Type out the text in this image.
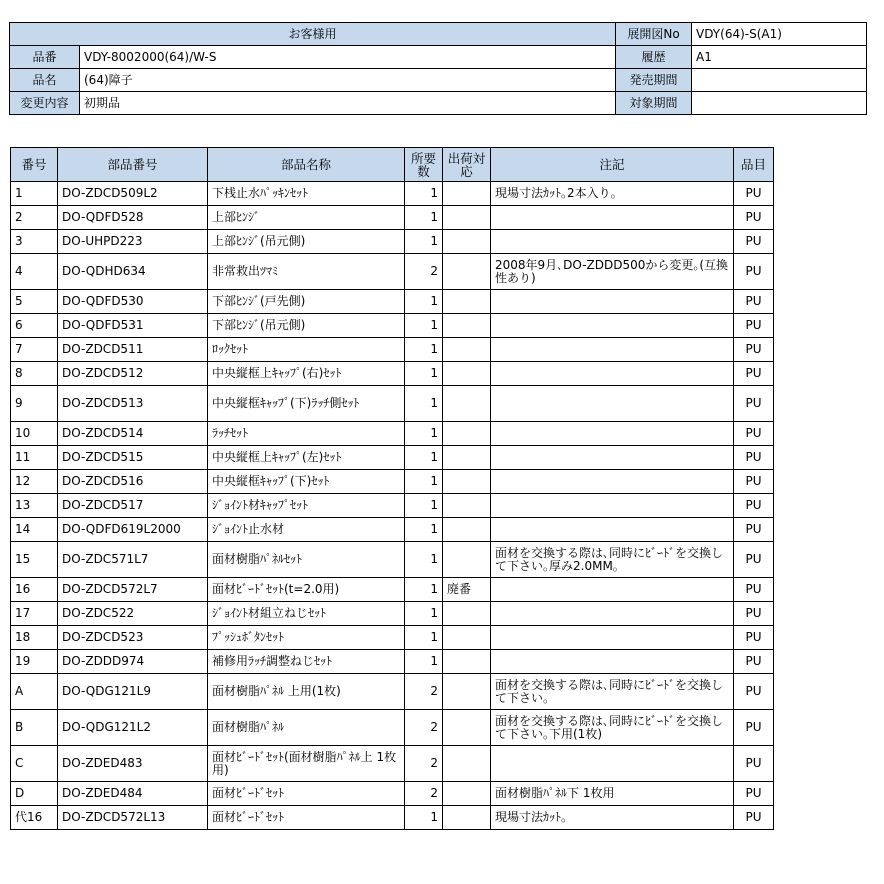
お客様用		展開図No	VDY(64)-S(A1)
品番	VDY-8002000(64)/W-S	履歴	A1
品名	(64)障子	発売期間	
変更内容	初期品	対象期間	
番号	部品番号	部品名称	所要数	出荷対応	注記	品目
1	DO-ZDCD509L2	下桟止水ﾊﾟｯｷﾝｾｯﾄ	1		現場寸法ｶｯﾄ｡2本入り｡	PU
2	DO-QDFD528	上部ﾋﾝｼﾞ	1			PU
3	DO-UHPD223	上部ﾋﾝｼﾞ(吊元側)	1			PU
4	DO-QDHD634	非常救出ﾂﾏﾐ	2		2008年9月､DO-ZDDD500から変更｡(互換性あり)	PU
5	DO-QDFD530	下部ﾋﾝｼﾞ(戸先側)	1			PU
6	DO-QDFD531	下部ﾋﾝｼﾞ(吊元側)	1			PU
7	DO-ZDCD511	ﾛｯｸｾｯﾄ	1			PU
8	DO-ZDCD512	中央縦框上ｷｬｯﾌﾟ(右)ｾｯﾄ	1			PU
9	DO-ZDCD513	中央縦框ｷｬｯﾌﾟ(下)ﾗｯﾁ側ｾｯﾄ	1			PU
10	DO-ZDCD514	ﾗｯﾁｾｯﾄ	1			PU
11	DO-ZDCD515	中央縦框上ｷｬｯﾌﾟ(左)ｾｯﾄ	1			PU
12	DO-ZDCD516	中央縦框ｷｬｯﾌﾟ(下)ｾｯﾄ	1			PU
13	DO-ZDCD517	ｼﾞｮｲﾝﾄ材ｷｬｯﾌﾟｾｯﾄ	1			PU
14	DO-QDFD619L2000	ｼﾞｮｲﾝﾄ止水材	1			PU
15	DO-ZDC571L7	面材樹脂ﾊﾟﾈﾙｾｯﾄ	1		面材を交換する際は､同時にﾋﾞｰﾄﾞを交換して下さい｡厚み2.0MM｡	PU
16	DO-ZDCD572L7	面材ﾋﾞｰﾄﾞｾｯﾄ(t=2.0用)	1	廃番		PU
17	DO-ZDC522	ｼﾞｮｲﾝﾄ材組立ねじｾｯﾄ	1			PU
18	DO-ZDCD523	ﾌﾟｯｼｭﾎﾞﾀﾝｾｯﾄ	1			PU
19	DO-ZDDD974	補修用ﾗｯﾁ調整ねじｾｯﾄ	1			PU
A	DO-QDG121L9	面材樹脂ﾊﾟﾈﾙ 上用(1枚)	2		面材を交換する際は､同時にﾋﾞｰﾄﾞを交換して下さい｡	PU
B	DO-QDG121L2	面材樹脂ﾊﾟﾈﾙ	2		面材を交換する際は､同時にﾋﾞｰﾄﾞを交換して下さい｡下用(1枚)	PU
C	DO-ZDED483	面材ﾋﾞｰﾄﾞｾｯﾄ(面材樹脂ﾊﾟﾈﾙ上 1枚用)	2			PU
D	DO-ZDED484	面材ﾋﾞｰﾄﾞｾｯﾄ	2		面材樹脂ﾊﾟﾈﾙ下 1枚用	PU
代16	DO-ZDCD572L13	面材ﾋﾞｰﾄﾞｾｯﾄ	1		現場寸法ｶｯﾄ｡	PU
